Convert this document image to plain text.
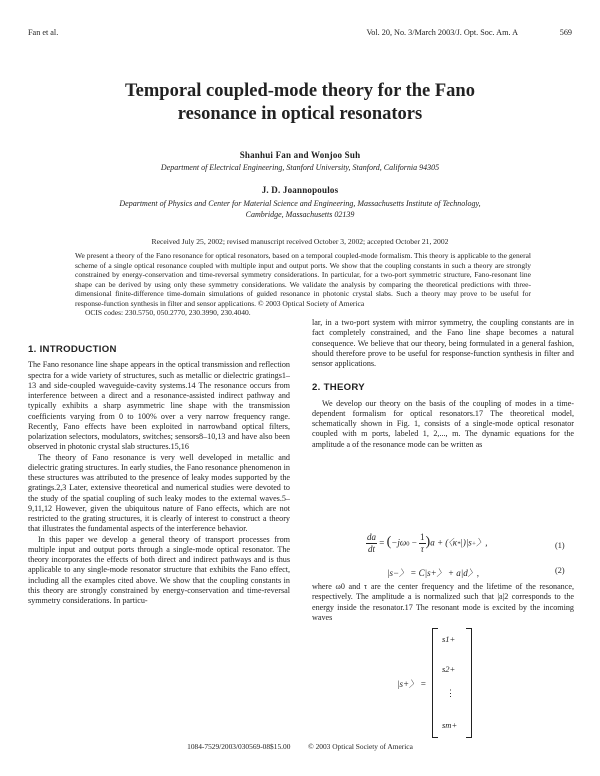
Fan et al.	Vol. 20, No. 3/March 2003/J. Opt. Soc. Am. A	569
Temporal coupled-mode theory for the Fano
resonance in optical resonators
Shanhui Fan and Wonjoo Suh
Department of Electrical Engineering, Stanford University, Stanford, California 94305
J. D. Joannopoulos
Department of Physics and Center for Material Science and Engineering, Massachusetts Institute of Technology,
Cambridge, Massachusetts 02139
Received July 25, 2002; revised manuscript received October 3, 2002; accepted October 21, 2002
We present a theory of the Fano resonance for optical resonators, based on a temporal coupled-mode formalism. This theory is applicable to the general scheme of a single optical resonance coupled with multiple input and output ports. We show that the coupling constants in such a theory are strongly constrained by energy-conservation and time-reversal symmetry considerations. In particular, for a two-port symmetric structure, Fano-resonant line shape can be derived by using only these symmetry considerations. We validate the analysis by comparing the theoretical predictions with three-dimensional finite-difference time-domain simulations of guided resonance in photonic crystal slabs. Such a theory may prove to be useful for response-function synthesis in filter and sensor applications. © 2003 Optical Society of America
OCIS codes: 230.5750, 050.2770, 230.3990, 230.4040.
1. INTRODUCTION

The Fano resonance line shape appears in the optical transmission and reflection spectra for a wide variety of structures, such as metallic or dielectric gratings1–13 and side-coupled waveguide-cavity systems.14 The resonance occurs from interference between a direct and a resonance-assisted indirect pathway and typically exhibits a sharp asymmetric line shape with the transmission coefficients varying from 0 to 100% over a very narrow frequency range. Recently, Fano effects have been exploited in narrowband optical filters, polarization selectors, modulators, switches; sensors8–10,13 and have also been observed in photonic crystal slab structures.15,16

The theory of Fano resonance is very well developed in metallic and dielectric grating structures. In early studies, the Fano resonance phenomenon in these structures was attributed to the presence of leaky modes supported by the gratings.2,3 Later, extensive theoretical and numerical studies were devoted to the study of the spatial coupling of such leaky modes to the external waves.5–9,11,12 However, given the ubiquitous nature of Fano effects, which are not restricted to the grating structures, it is clearly of interest to construct a theory that illustrates the fundamental aspects of the interference behavior.

In this paper we develop a general theory of transport processes from multiple input and output ports through a single-mode optical resonator. The theory incorporates the effects of both direct and indirect pathways and is thus applicable to any single-mode resonator structure that exhibits the Fano effect, including all the examples cited above. We show that the coupling constants in this theory are strongly constrained by energy-conservation and time-reversal symmetry considerations. In particu-

lar, in a two-port system with mirror symmetry, the coupling constants are in fact completely constrained, and the Fano line shape becomes a natural consequence. We believe that our theory, being formulated in a general fashion, should therefore prove to be useful for response-function synthesis in filter and sensor applications.

2. THEORY

We develop our theory on the basis of the coupling of modes in a time-dependent formalism for optical resonators.17 The theoretical model, schematically shown in Fig. 1, consists of a single-mode optical resonator coupled with m ports, labeled 1, 2,..., m. The dynamic equations for the amplitude a of the resonance mode can be written as

$\frac{da}{dt} = (-j\omega 0 - \frac{1}{\tau} )a$ + (〈κ*|)|s+〉,	(1)
|s−〉 = C|s+〉 + a|d〉,	(2)

where ω0 and τ are the center frequency and the lifetime of the resonance, respectively. The amplitude a is normalized such that |a|2 corresponds to the energy inside the resonator.17 The resonant mode is excited by the incoming waves

|s+〉 =
s1+
s2+
⋮
sm+
1084-7529/2003/030569-08$15.00 © 2003 Optical Society of America
